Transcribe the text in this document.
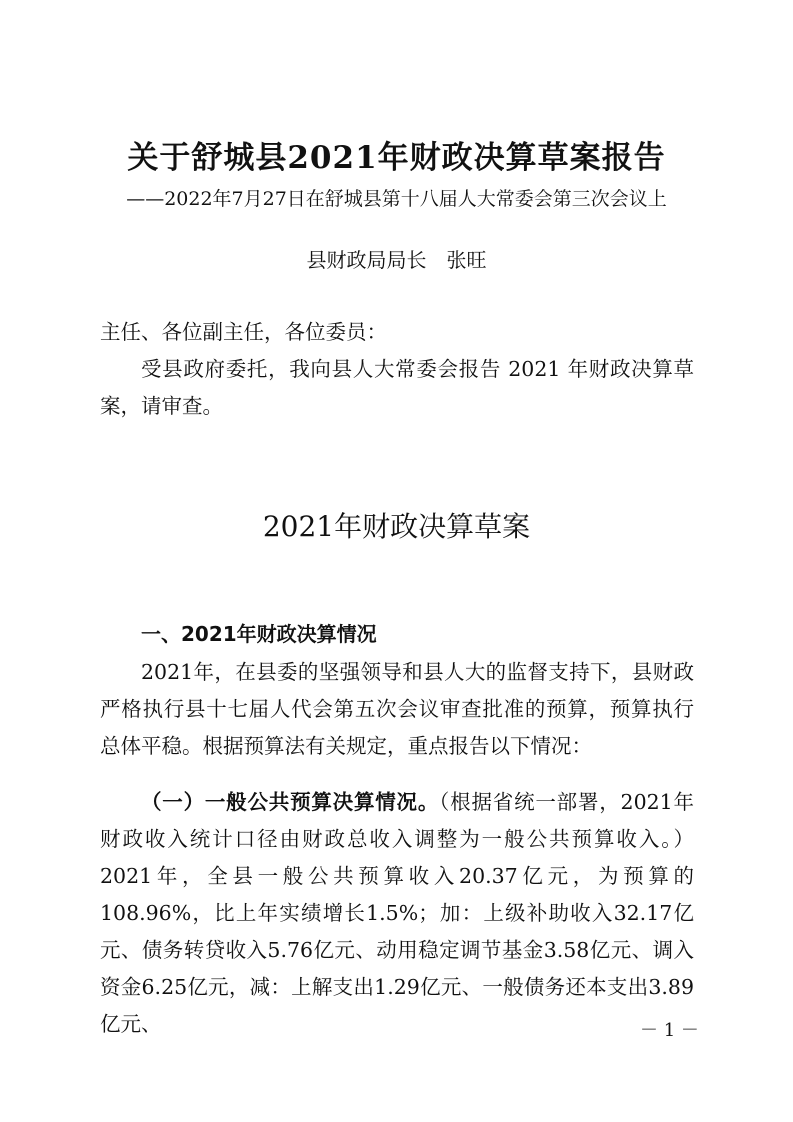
关于舒城县2021年财政决算草案报告
——2022年7月27日在舒城县第十八届人大常委会第三次会议上
县财政局局长 张旺
主任、各位副主任，各位委员：
受县政府委托，我向县人大常委会报告 2021 年财政决算草案，请审查。
2021年财政决算草案
一、2021年财政决算情况
2021年，在县委的坚强领导和县人大的监督支持下，县财政严格执行县十七届人代会第五次会议审查批准的预算，预算执行总体平稳。根据预算法有关规定，重点报告以下情况：
（一）一般公共预算决算情况。（根据省统一部署，2021年财政收入统计口径由财政总收入调整为一般公共预算收入。）2021年，全县一般公共预算收入20.37亿元，为预算的108.96%，比上年实绩增长1.5%；加：上级补助收入32.17亿元、债务转贷收入5.76亿元、动用稳定调节基金3.58亿元、调入资金6.25亿元，减：上解支出1.29亿元、一般债务还本支出3.89亿元、	－ 1 －
